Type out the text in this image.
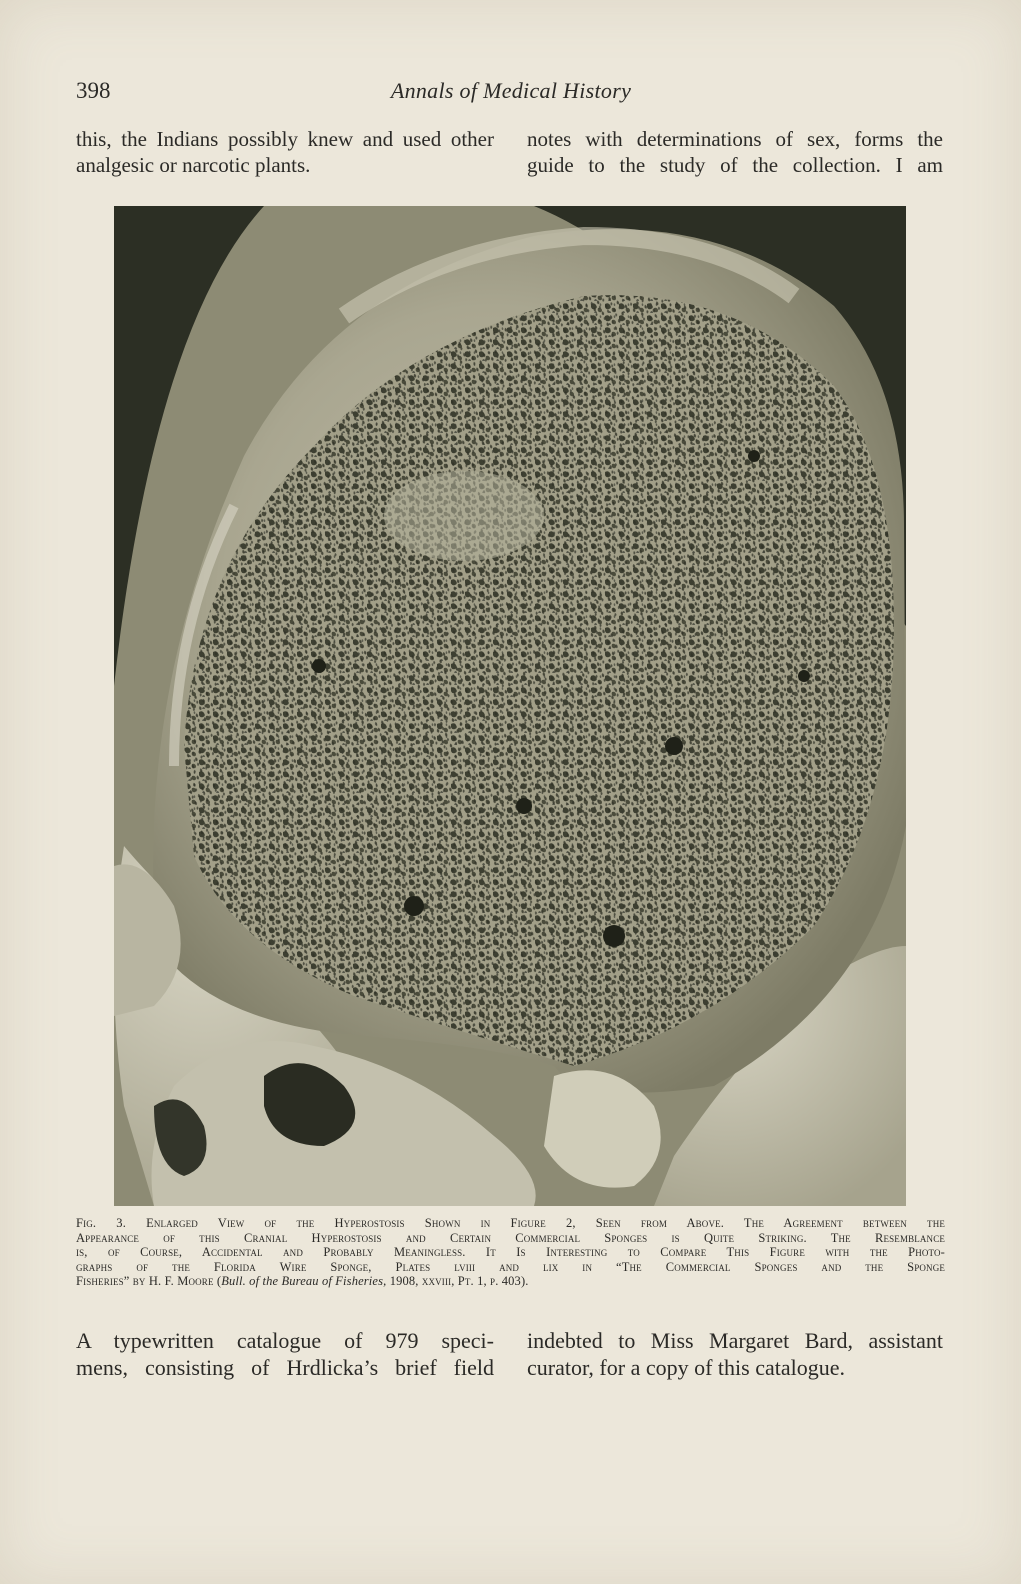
398	Annals of Medical History
this, the Indians possibly knew and used other
analgesic or narcotic plants.
notes with determinations of sex, forms the
guide to the study of the collection. I am
Fig. 3. Enlarged View of the Hyperostosis Shown in Figure 2, Seen from Above. The Agreement between the
Appearance of this Cranial Hyperostosis and Certain Commercial Sponges is Quite Striking. The Resemblance
is, of Course, Accidental and Probably Meaningless. It Is Interesting to Compare This Figure with the Photo-
graphs of the Florida Wire Sponge, Plates lviii and lix in “The Commercial Sponges and the Sponge
Fisheries” by H. F. Moore (Bull. of the Bureau of Fisheries, 1908, xxviii, Pt. 1, p. 403).
A typewritten catalogue of 979 speci-
mens, consisting of Hrdlicka’s brief field
indebted to Miss Margaret Bard, assistant
curator, for a copy of this catalogue.
